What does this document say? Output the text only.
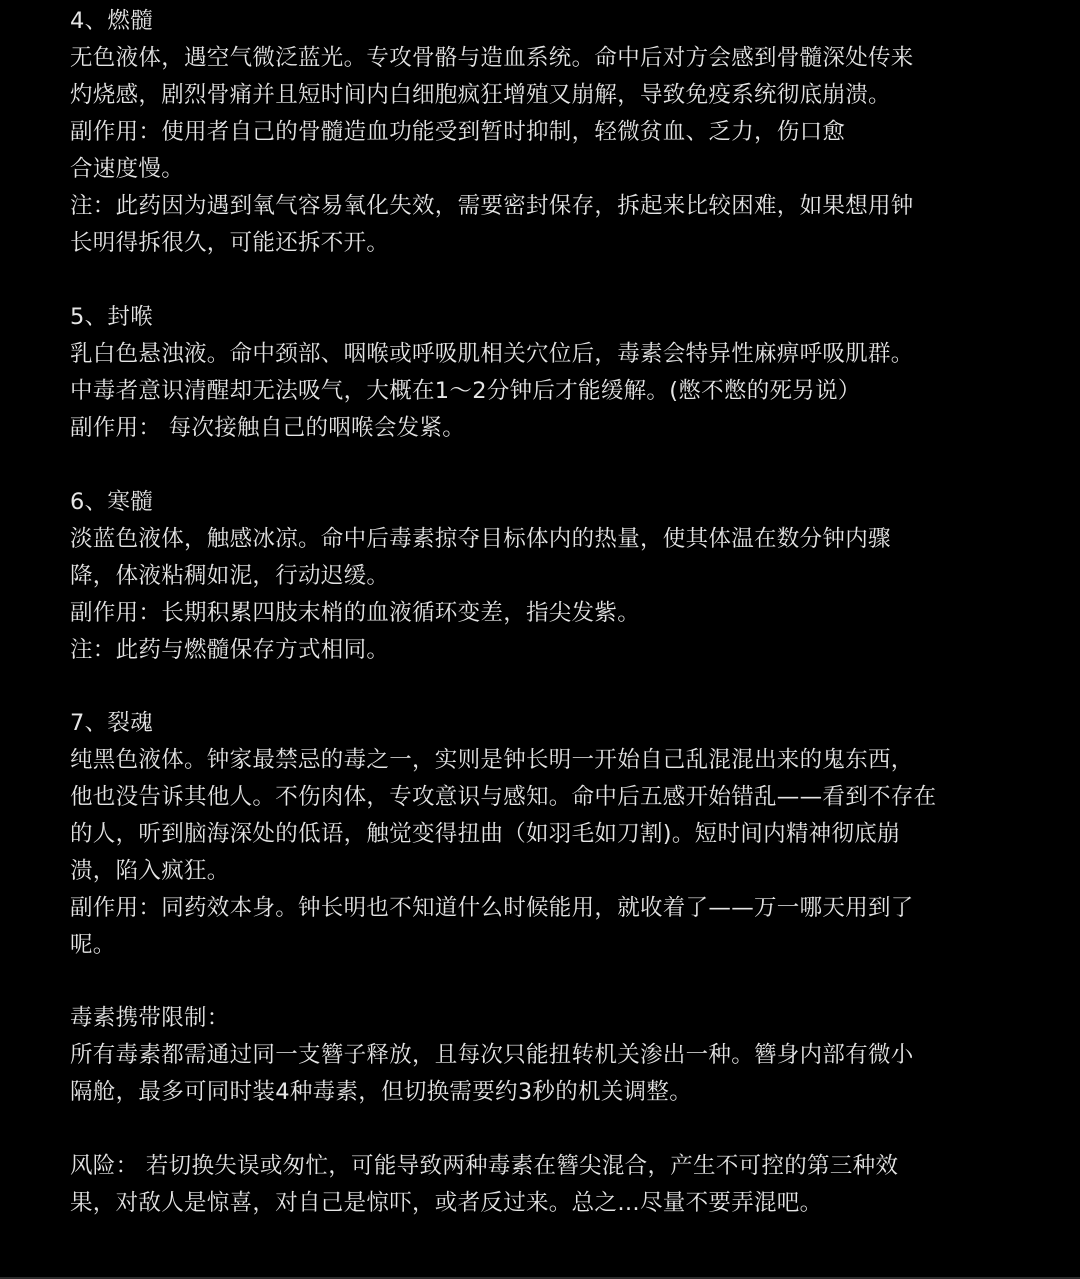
4、燃髓
无色液体，遇空气微泛蓝光。专攻骨骼与造血系统。命中后对方会感到骨髓深处传来
灼烧感，剧烈骨痛并且短时间内白细胞疯狂增殖又崩解，导致免疫系统彻底崩溃。
副作用：使用者自己的骨髓造血功能受到暂时抑制，轻微贫血、乏力，伤口愈
合速度慢。
注：此药因为遇到氧气容易氧化失效，需要密封保存，拆起来比较困难，如果想用钟
长明得拆很久，可能还拆不开。
5、封喉
乳白色悬浊液。命中颈部、咽喉或呼吸肌相关穴位后，毒素会特异性麻痹呼吸肌群。
中毒者意识清醒却无法吸气，大概在1～2分钟后才能缓解。(憋不憋的死另说）
副作用： 每次接触自己的咽喉会发紧。
6、寒髓
淡蓝色液体，触感冰凉。命中后毒素掠夺目标体内的热量，使其体温在数分钟内骤
降，体液粘稠如泥，行动迟缓。
副作用：长期积累四肢末梢的血液循环变差，指尖发紫。
注：此药与燃髓保存方式相同。
7、裂魂
纯黑色液体。钟家最禁忌的毒之一，实则是钟长明一开始自己乱混混出来的鬼东西，
他也没告诉其他人。不伤肉体，专攻意识与感知。命中后五感开始错乱——看到不存在
的人，听到脑海深处的低语，触觉变得扭曲（如羽毛如刀割)。短时间内精神彻底崩
溃，陷入疯狂。
副作用：同药效本身。钟长明也不知道什么时候能用，就收着了——万一哪天用到了
呢。
毒素携带限制：
所有毒素都需通过同一支簪子释放，且每次只能扭转机关渗出一种。簪身内部有微小
隔舱，最多可同时装4种毒素，但切换需要约3秒的机关调整。
风险： 若切换失误或匆忙，可能导致两种毒素在簪尖混合，产生不可控的第三种效
果，对敌人是惊喜，对自己是惊吓，或者反过来。总之…尽量不要弄混吧。
